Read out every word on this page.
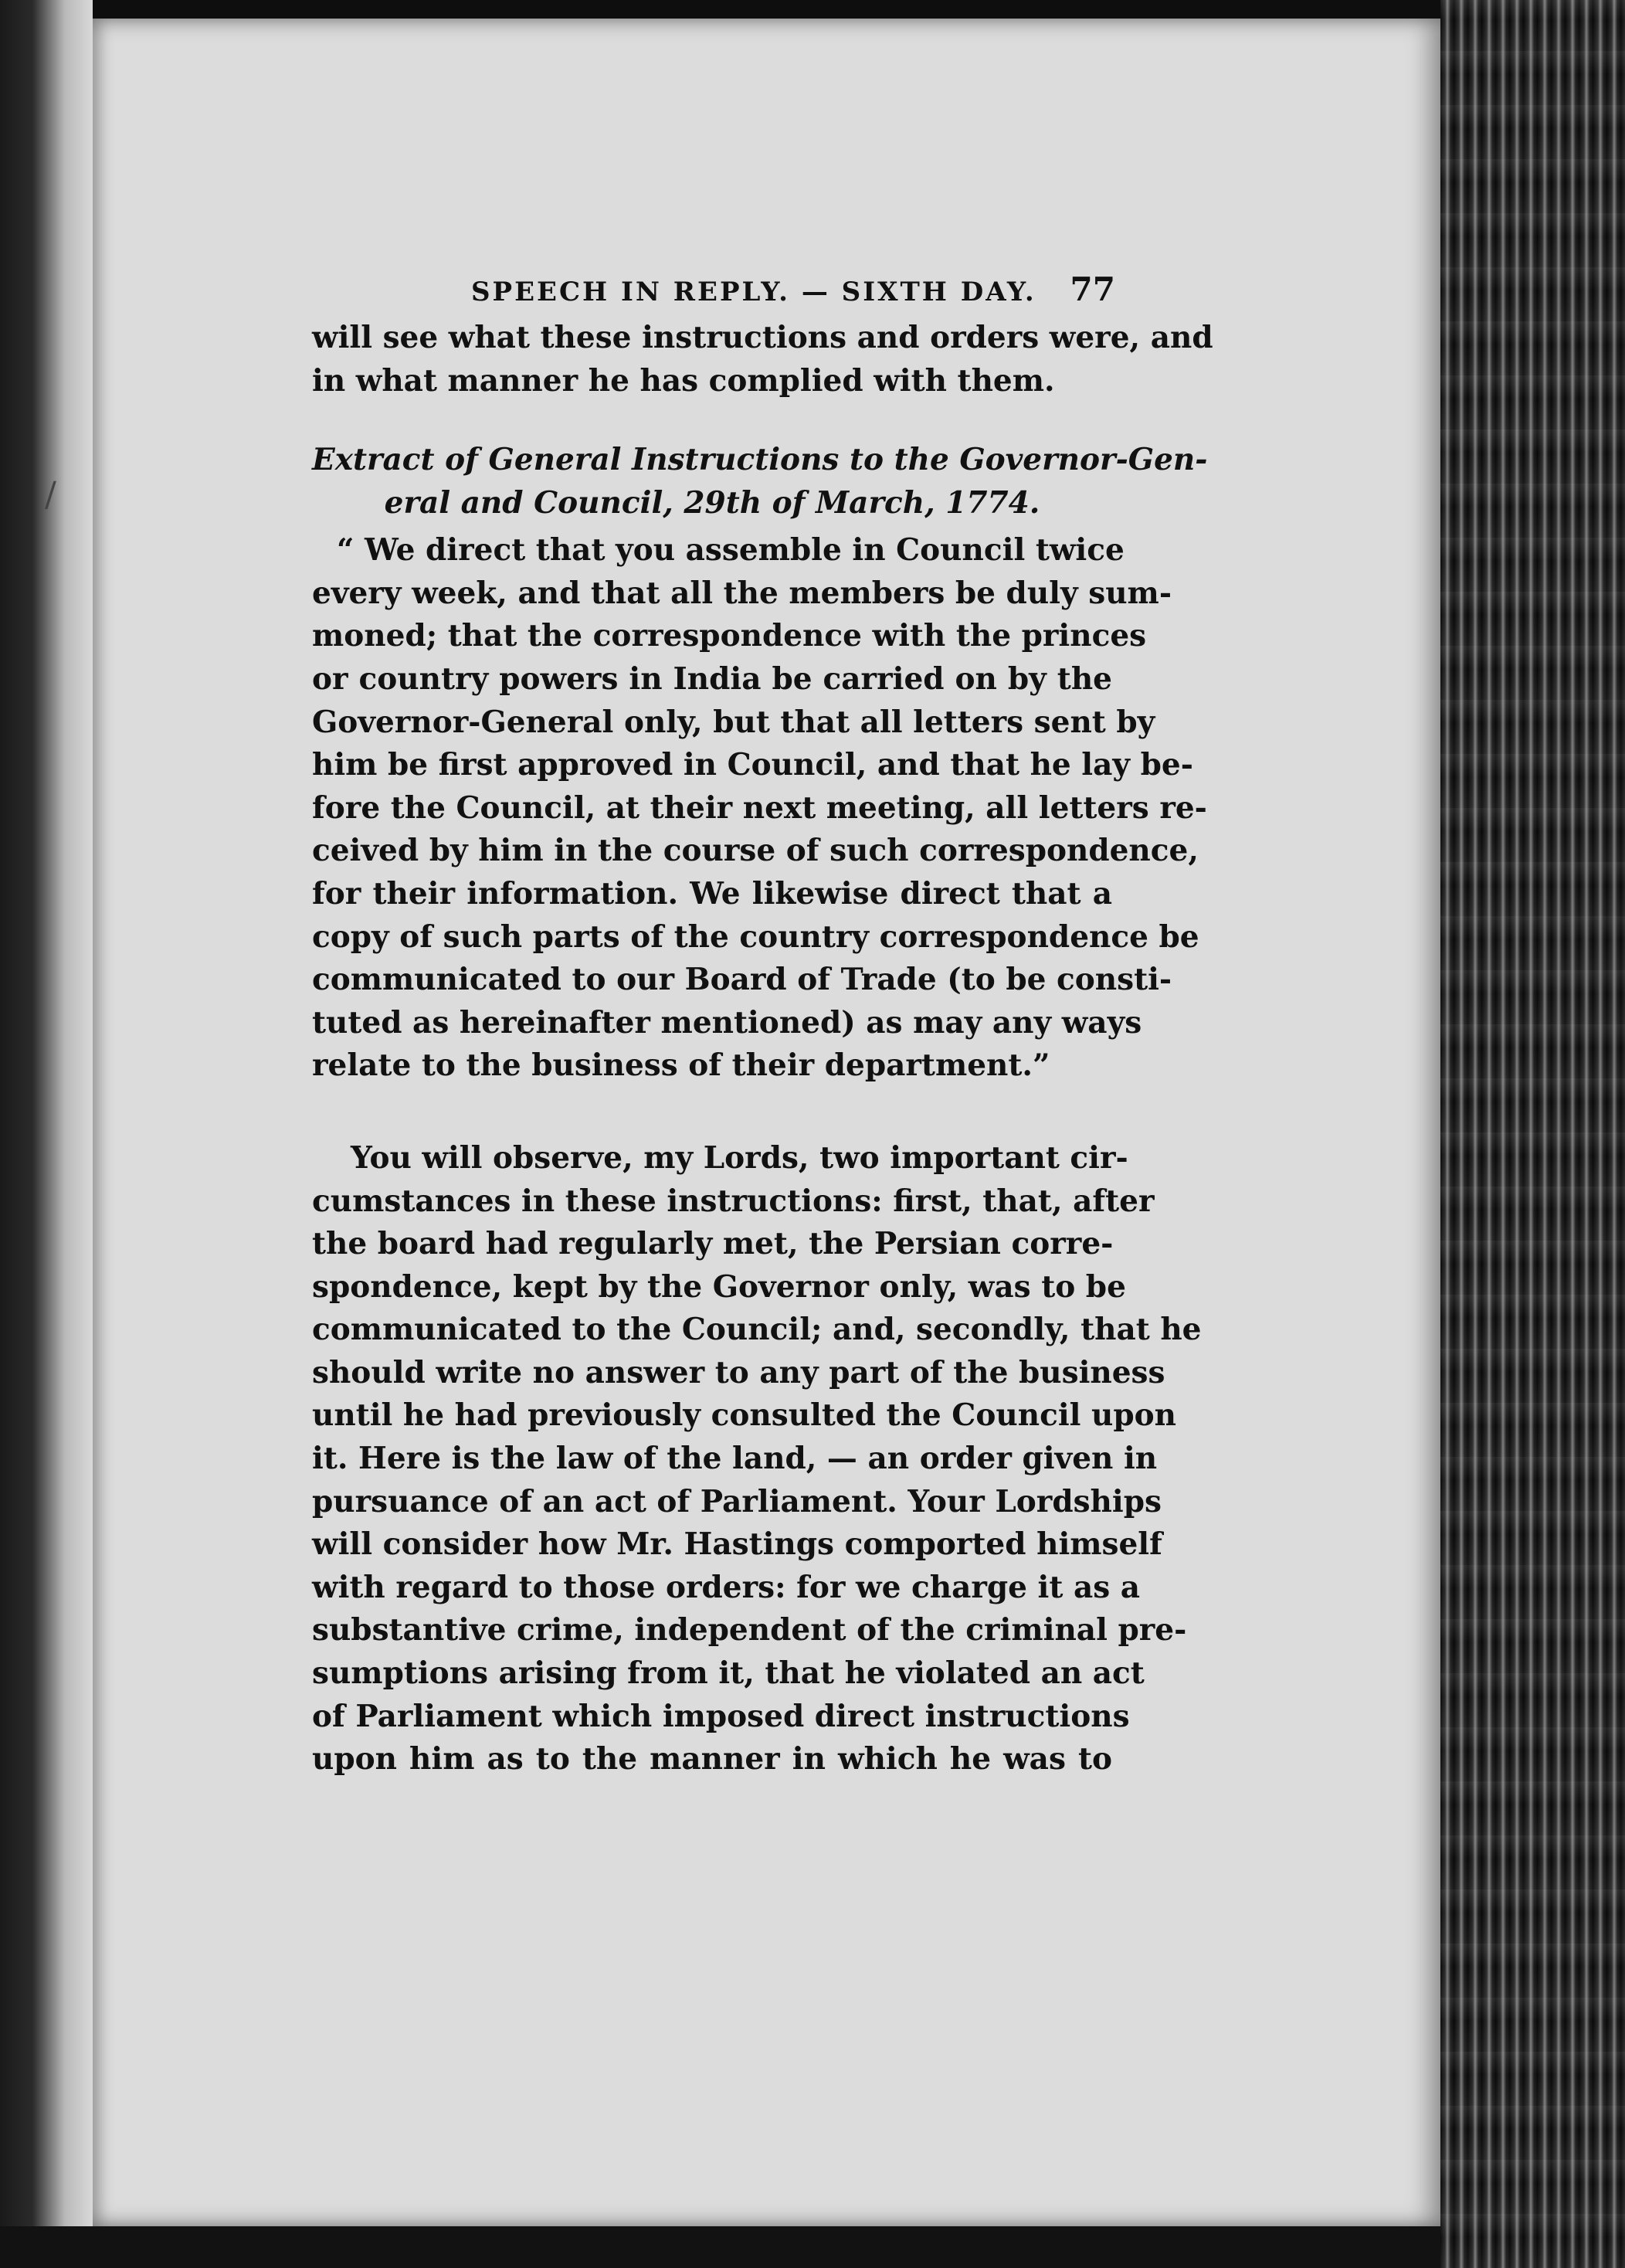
/
SPEECH IN REPLY. — SIXTH DAY. 77
will see what these instructions and orders were, and
in what manner he has complied with them.
Extract of General Instructions to the Governor-Gen-
eral and Council, 29th of March, 1774.
“ We direct that you assemble in Council twice
every week, and that all the members be duly sum-
moned; that the correspondence with the princes
or country powers in India be carried on by the
Governor-General only, but that all letters sent by
him be first approved in Council, and that he lay be-
fore the Council, at their next meeting, all letters re-
ceived by him in the course of such correspondence,
for their information. We likewise direct that a
copy of such parts of the country correspondence be
communicated to our Board of Trade (to be consti-
tuted as hereinafter mentioned) as may any ways
relate to the business of their department.”
You will observe, my Lords, two important cir-
cumstances in these instructions: first, that, after
the board had regularly met, the Persian corre-
spondence, kept by the Governor only, was to be
communicated to the Council; and, secondly, that he
should write no answer to any part of the business
until he had previously consulted the Council upon
it. Here is the law of the land, — an order given in
pursuance of an act of Parliament. Your Lordships
will consider how Mr. Hastings comported himself
with regard to those orders: for we charge it as a
substantive crime, independent of the criminal pre-
sumptions arising from it, that he violated an act
of Parliament which imposed direct instructions
upon him as to the manner in which he was to
